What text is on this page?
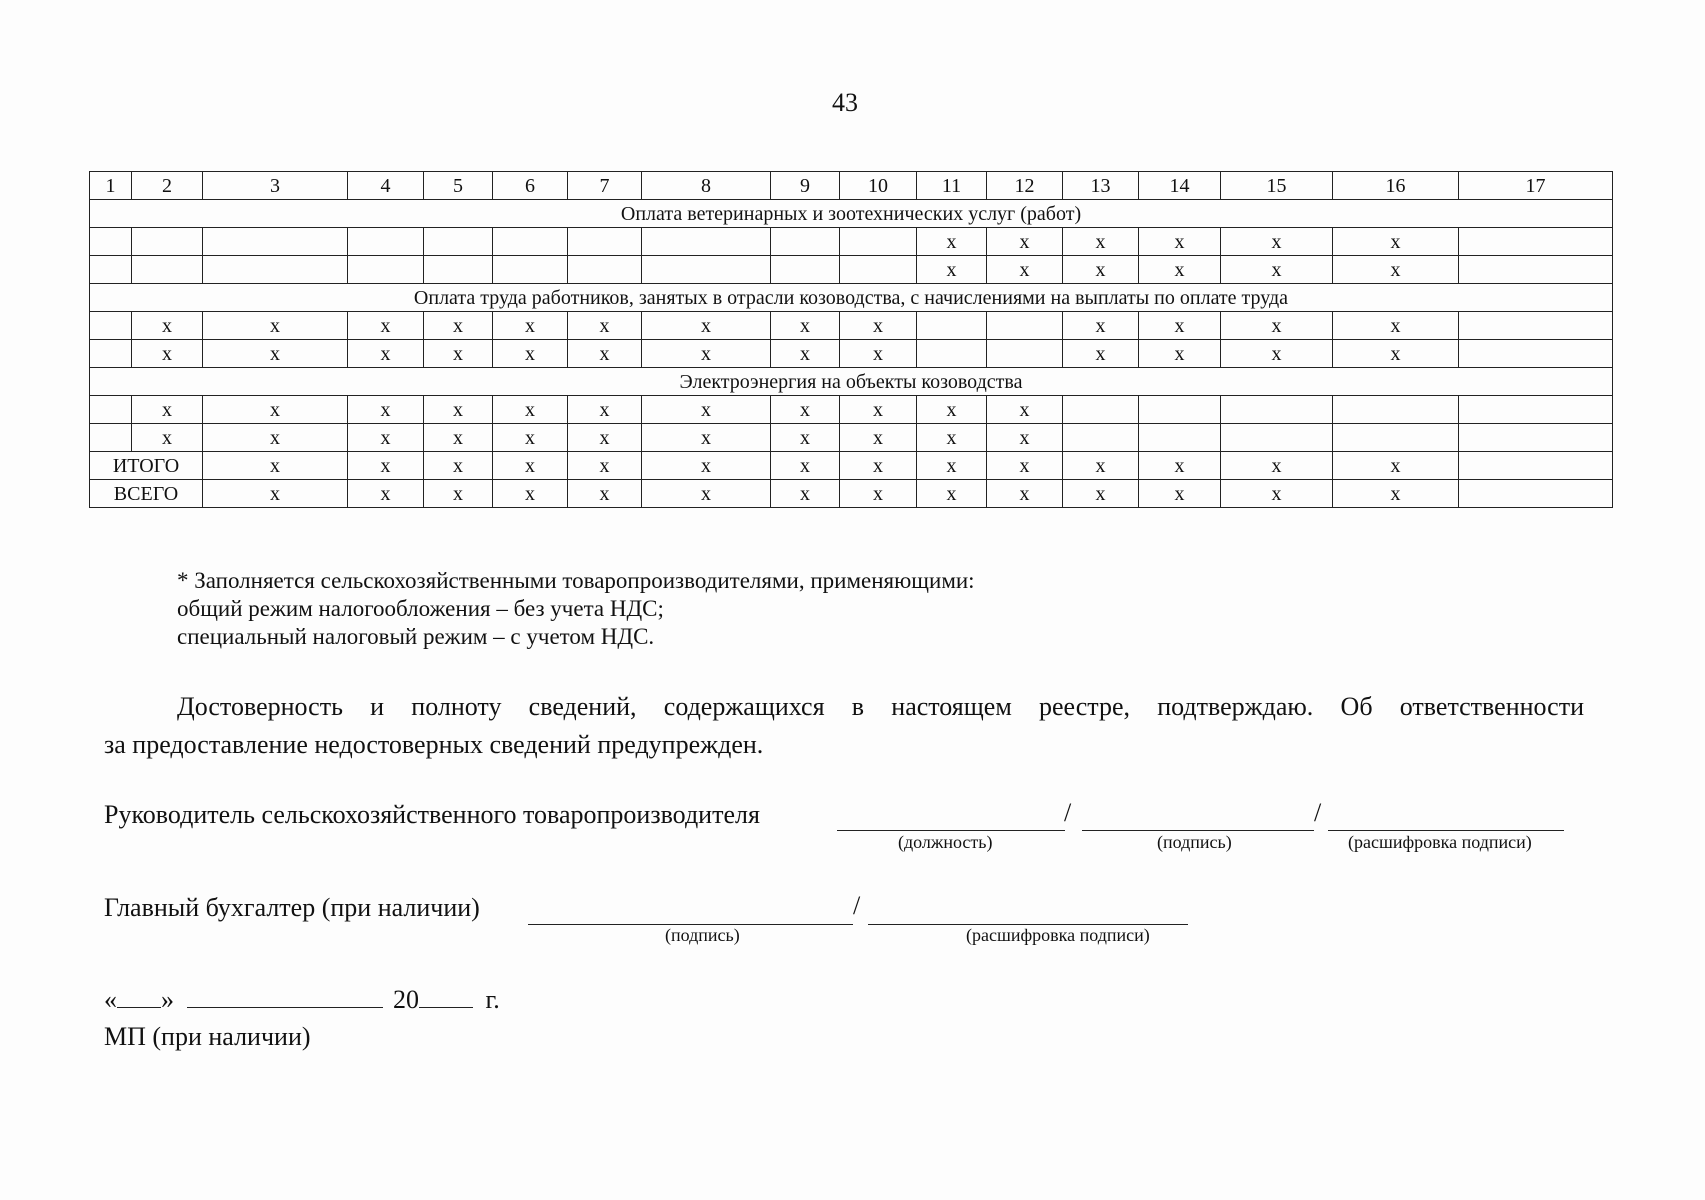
43
1	2	3	4	5	6	7	8	9	10	11	12	13	14	15	16	17
Оплата ветеринарных и зоотехнических услуг (работ)																
										x	x	x	x	x	x	
										x	x	x	x	x	x	
Оплата труда работников, занятых в отрасли козоводства, с начислениями на выплаты по оплате труда																
	x	x	x	x	x	x	x	x	x			x	x	x	x	
	x	x	x	x	x	x	x	x	x			x	x	x	x	
Электроэнергия на объекты козоводства																
	x	x	x	x	x	x	x	x	x	x	x					
	x	x	x	x	x	x	x	x	x	x	x					
ИТОГО		x	x	x	x	x	x	x	x	x	x	x	x	x	x	
ВСЕГО		x	x	x	x	x	x	x	x	x	x	x	x	x	x	
* Заполняется сельскохозяйственными товаропроизводителями, применяющими:
общий режим налогообложения – без учета НДС;
специальный налоговый режим – с учетом НДС.
Достоверность и полноту сведений, содержащихся в настоящем реестре, подтверждаю. Об ответственности
за предоставление недостоверных сведений предупрежден.
Руководитель сельскохозяйственного товаропроизводителя	/	/
(должность)	(подпись)	(расшифровка подписи)
Главный бухгалтер (при наличии)	/
(подпись)	(расшифровка подписи)
« »	20	г.
МП (при наличии)
